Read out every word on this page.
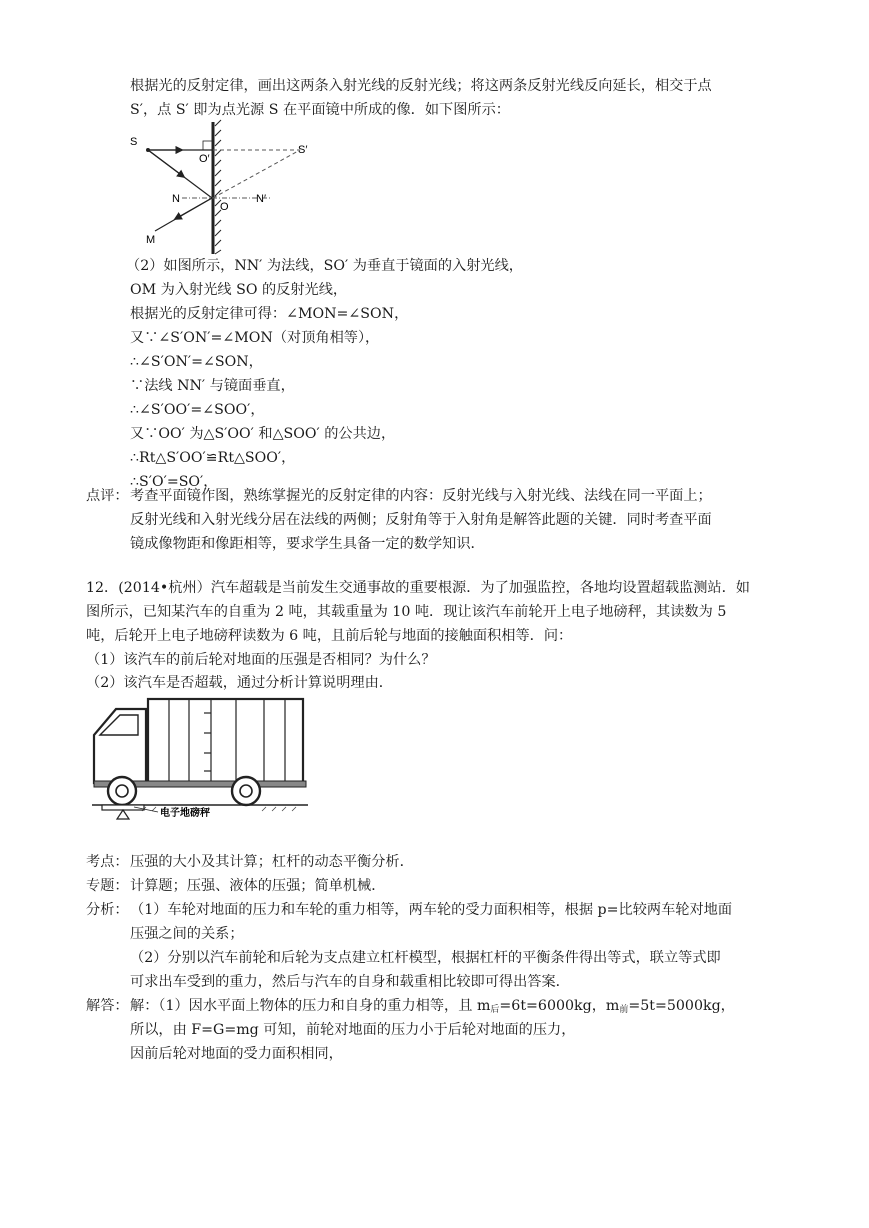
根据光的反射定律，画出这两条入射光线的反射光线；将这两条反射光线反向延长，相交于点
S′，点 S′ 即为点光源 S 在平面镜中所成的像．如下图所示：
S
O′
S′
N
O
N′
M
（2）如图所示，NN′ 为法线，SO′ 为垂直于镜面的入射光线，
OM 为入射光线 SO 的反射光线，
根据光的反射定律可得：∠MON=∠SON，
又∵∠S′ON′=∠MON（对顶角相等），
∴∠S′ON′=∠SON，
∵法线 NN′ 与镜面垂直，
∴∠S′OO′=∠SOO′，
又∵OO′ 为△S′OO′ 和△SOO′ 的公共边，
∴Rt△S′OO′≌Rt△SOO′，
∴S′O′=SO′，
点评： 考查平面镜作图，熟练掌握光的反射定律的内容：反射光线与入射光线、法线在同一平面上；
反射光线和入射光线分居在法线的两侧；反射角等于入射角是解答此题的关键．同时考查平面
镜成像物距和像距相等，要求学生具备一定的数学知识．
12．(2014•杭州）汽车超载是当前发生交通事故的重要根源．为了加强监控，各地均设置超载监测站．如
图所示，已知某汽车的自重为 2 吨，其载重量为 10 吨．现让该汽车前轮开上电子地磅秤，其读数为 5
吨，后轮开上电子地磅秤读数为 6 吨，且前后轮与地面的接触面积相等．问：
（1）该汽车的前后轮对地面的压强是否相同？为什么？
（2）该汽车是否超载，通过分析计算说明理由．
电子地磅秤
考点： 压强的大小及其计算；杠杆的动态平衡分析．
专题： 计算题；压强、液体的压强；简单机械．
分析： （1）车轮对地面的压力和车轮的重力相等，两车轮的受力面积相等，根据 p=比较两车轮对地面
压强之间的关系；
（2）分别以汽车前轮和后轮为支点建立杠杆模型，根据杠杆的平衡条件得出等式，联立等式即
可求出车受到的重力，然后与汽车的自身和载重相比较即可得出答案．
解答： 解：（1）因水平面上物体的压力和自身的重力相等，且 $m_后=6t=6000kg$，$m_前=5t=5000kg$，
所以，由 F=G=mg 可知，前轮对地面的压力小于后轮对地面的压力，
因前后轮对地面的受力面积相同，
